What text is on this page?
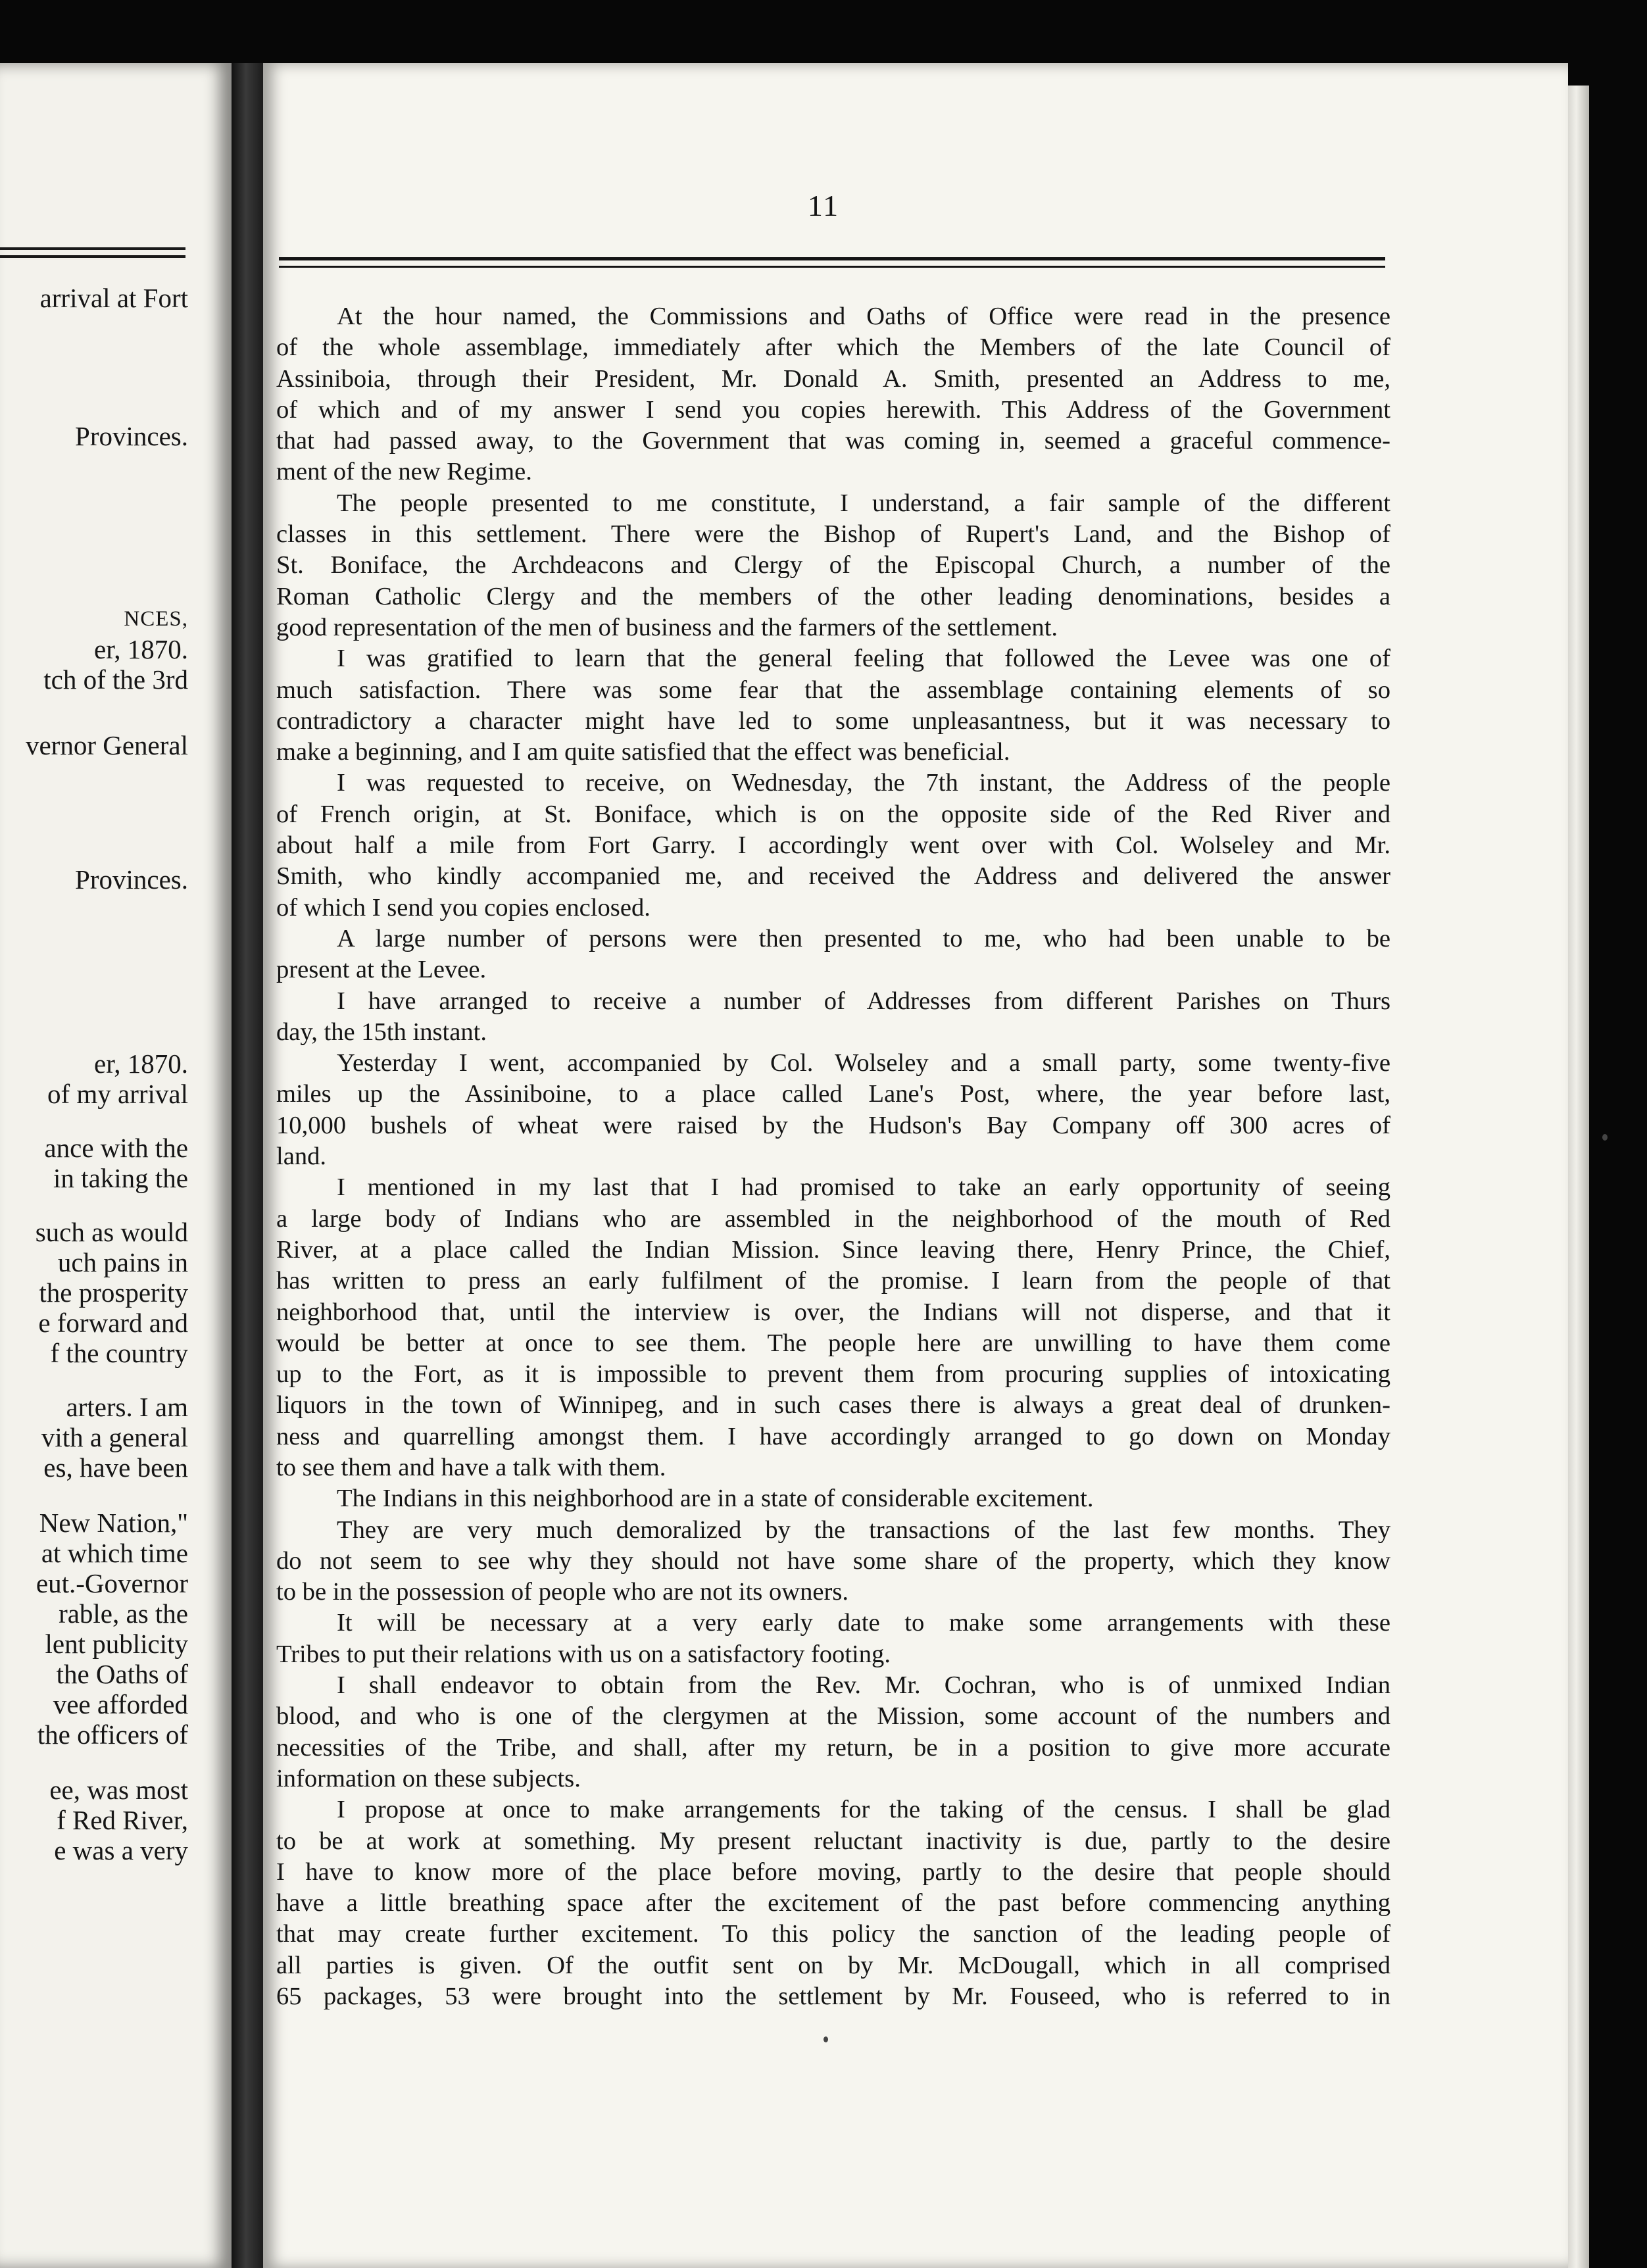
arrival at Fort
Provinces.
NCES,
er, 1870.
tch of the 3rd
vernor General
Provinces.
er, 1870.
of my arrival
ance with the
in taking the
such as would
uch pains in
the prosperity
e forward and
f the country
arters. I am
vith a general
es, have been
New Nation,"
at which time
eut.-Governor
rable, as the
lent publicity
the Oaths of
vee afforded
the officers of
ee, was most
f Red River,
e was a very
11
At the hour named, the Commissions and Oaths of Office were read in the presence
of the whole assemblage, immediately after which the Members of the late Council of
Assiniboia, through their President, Mr. Donald A. Smith, presented an Address to me,
of which and of my answer I send you copies herewith. This Address of the Government
that had passed away, to the Government that was coming in, seemed a graceful commence-
ment of the new Regime.
The people presented to me constitute, I understand, a fair sample of the different
classes in this settlement. There were the Bishop of Rupert's Land, and the Bishop of
St. Boniface, the Archdeacons and Clergy of the Episcopal Church, a number of the
Roman Catholic Clergy and the members of the other leading denominations, besides a
good representation of the men of business and the farmers of the settlement.
I was gratified to learn that the general feeling that followed the Levee was one of
much satisfaction. There was some fear that the assemblage containing elements of so
contradictory a character might have led to some unpleasantness, but it was necessary to
make a beginning, and I am quite satisfied that the effect was beneficial.
I was requested to receive, on Wednesday, the 7th instant, the Address of the people
of French origin, at St. Boniface, which is on the opposite side of the Red River and
about half a mile from Fort Garry. I accordingly went over with Col. Wolseley and Mr.
Smith, who kindly accompanied me, and received the Address and delivered the answer
of which I send you copies enclosed.
A large number of persons were then presented to me, who had been unable to be
present at the Levee.
I have arranged to receive a number of Addresses from different Parishes on Thurs
day, the 15th instant.
Yesterday I went, accompanied by Col. Wolseley and a small party, some twenty-five
miles up the Assiniboine, to a place called Lane's Post, where, the year before last,
10,000 bushels of wheat were raised by the Hudson's Bay Company off 300 acres of
land.
I mentioned in my last that I had promised to take an early opportunity of seeing
a large body of Indians who are assembled in the neighborhood of the mouth of Red
River, at a place called the Indian Mission. Since leaving there, Henry Prince, the Chief,
has written to press an early fulfilment of the promise. I learn from the people of that
neighborhood that, until the interview is over, the Indians will not disperse, and that it
would be better at once to see them. The people here are unwilling to have them come
up to the Fort, as it is impossible to prevent them from procuring supplies of intoxicating
liquors in the town of Winnipeg, and in such cases there is always a great deal of drunken-
ness and quarrelling amongst them. I have accordingly arranged to go down on Monday
to see them and have a talk with them.
The Indians in this neighborhood are in a state of considerable excitement.
They are very much demoralized by the transactions of the last few months. They
do not seem to see why they should not have some share of the property, which they know
to be in the possession of people who are not its owners.
It will be necessary at a very early date to make some arrangements with these
Tribes to put their relations with us on a satisfactory footing.
I shall endeavor to obtain from the Rev. Mr. Cochran, who is of unmixed Indian
blood, and who is one of the clergymen at the Mission, some account of the numbers and
necessities of the Tribe, and shall, after my return, be in a position to give more accurate
information on these subjects.
I propose at once to make arrangements for the taking of the census. I shall be glad
to be at work at something. My present reluctant inactivity is due, partly to the desire
I have to know more of the place before moving, partly to the desire that people should
have a little breathing space after the excitement of the past before commencing anything
that may create further excitement. To this policy the sanction of the leading people of
all parties is given. Of the outfit sent on by Mr. McDougall, which in all comprised
65 packages, 53 were brought into the settlement by Mr. Fouseed, who is referred to in
